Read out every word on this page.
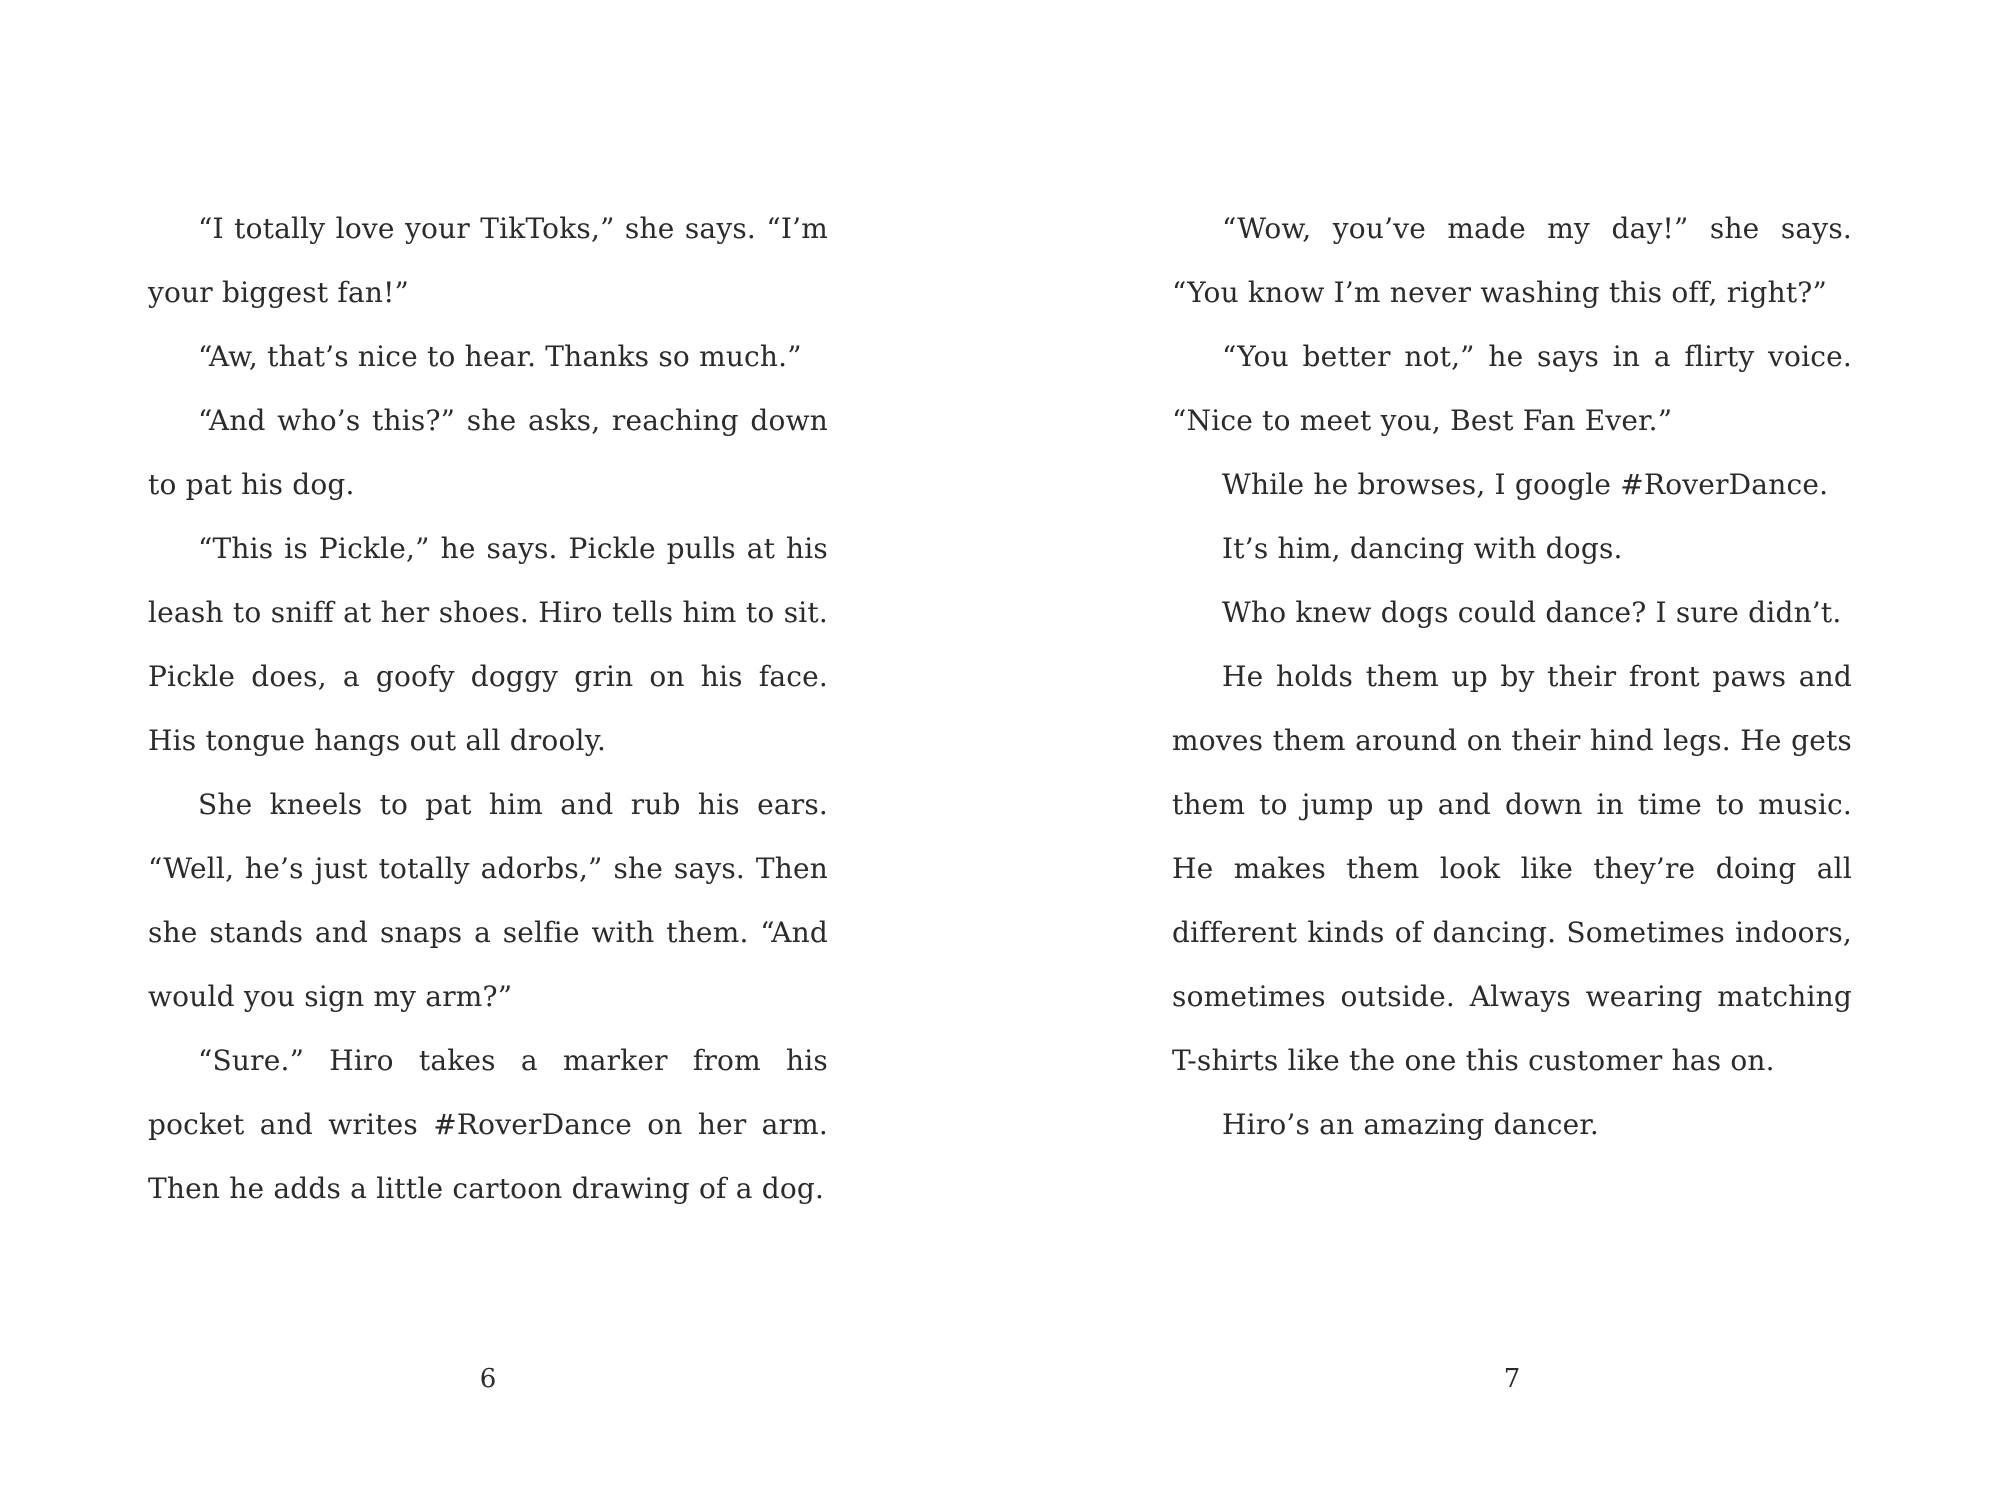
“I totally love your TikToks,” she says. “I’m your biggest fan!”

“Aw, that’s nice to hear. Thanks so much.”

“And who’s this?” she asks, reaching down to pat his dog.

“This is Pickle,” he says. Pickle pulls at his leash to sniff at her shoes. Hiro tells him to sit. Pickle does, a goofy doggy grin on his face. His tongue hangs out all drooly.

She kneels to pat him and rub his ears. “Well, he’s just totally adorbs,” she says. Then she stands and snaps a selfie with them. “And would you sign my arm?”

“Sure.” Hiro takes a marker from his pocket and writes #RoverDance on her arm. Then he adds a little cartoon drawing of a dog.

6

“Wow, you’ve made my day!” she says. “You know I’m never washing this off, right?”

“You better not,” he says in a flirty voice. “Nice to meet you, Best Fan Ever.”

While he browses, I google #RoverDance.

It’s him, dancing with dogs.

Who knew dogs could dance? I sure didn’t.

He holds them up by their front paws and moves them around on their hind legs. He gets them to jump up and down in time to music. He makes them look like they’re doing all different kinds of dancing. Sometimes indoors, sometimes outside. Always wearing matching T-shirts like the one this customer has on.

Hiro’s an amazing dancer.

7
